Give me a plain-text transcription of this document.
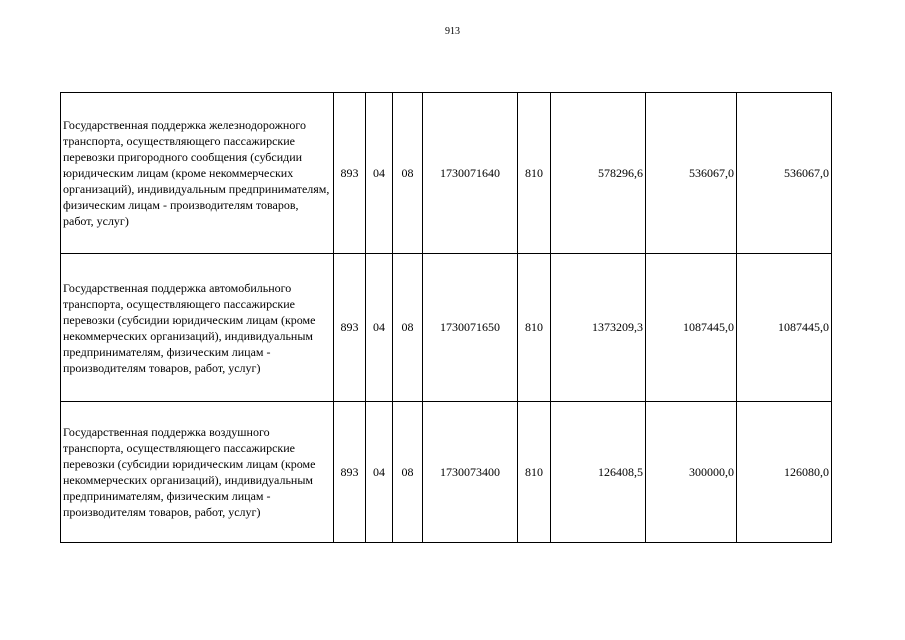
913
Государственная поддержка железнодорожного транспорта, осуществляющего пассажирские перевозки пригородного сообщения (субсидии юридическим лицам (кроме некоммерческих организаций), индивидуальным предпринимателям, физическим лицам - производителям товаров, работ, услуг)	893	04	08	1730071640	810	578296,6	536067,0	536067,0
Государственная поддержка автомобильного транспорта, осуществляющего пассажирские перевозки (субсидии юридическим лицам (кроме некоммерческих организаций), индивидуальным предпринимателям, физическим лицам - производителям товаров, работ, услуг)	893	04	08	1730071650	810	1373209,3	1087445,0	1087445,0
Государственная поддержка воздушного транспорта, осуществляющего пассажирские перевозки (субсидии юридическим лицам (кроме некоммерческих организаций), индивидуальным предпринимателям, физическим лицам - производителям товаров, работ, услуг)	893	04	08	1730073400	810	126408,5	300000,0	126080,0
